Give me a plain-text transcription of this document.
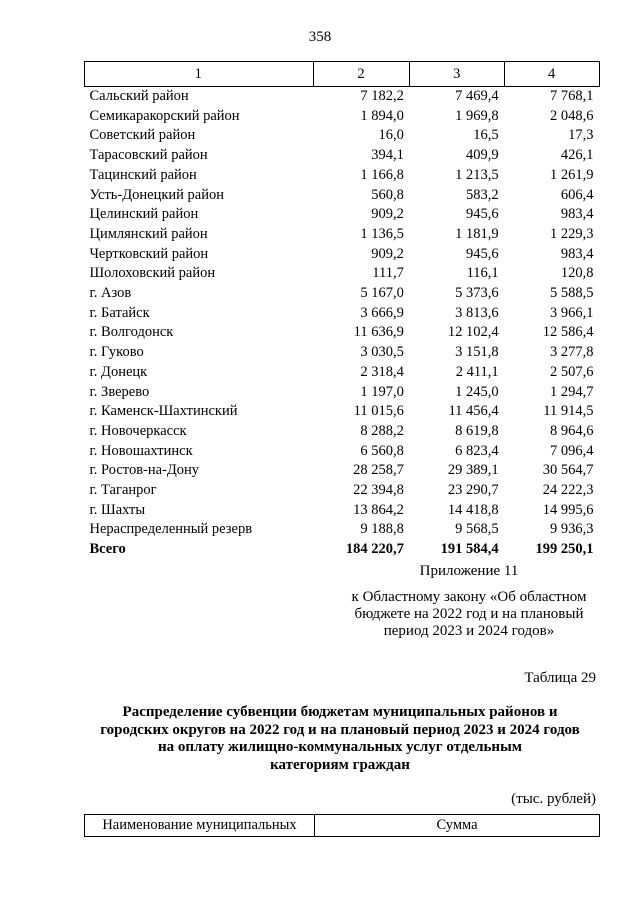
358
1	2	3	4
Сальский район	7 182,2	7 469,4	7 768,1
Семикаракорский район	1 894,0	1 969,8	2 048,6
Советский район	16,0	16,5	17,3
Тарасовский район	394,1	409,9	426,1
Тацинский район	1 166,8	1 213,5	1 261,9
Усть-Донецкий район	560,8	583,2	606,4
Целинский район	909,2	945,6	983,4
Цимлянский район	1 136,5	1 181,9	1 229,3
Чертковский район	909,2	945,6	983,4
Шолоховский район	111,7	116,1	120,8
г. Азов	5 167,0	5 373,6	5 588,5
г. Батайск	3 666,9	3 813,6	3 966,1
г. Волгодонск	11 636,9	12 102,4	12 586,4
г. Гуково	3 030,5	3 151,8	3 277,8
г. Донецк	2 318,4	2 411,1	2 507,6
г. Зверево	1 197,0	1 245,0	1 294,7
г. Каменск-Шахтинский	11 015,6	11 456,4	11 914,5
г. Новочеркасск	8 288,2	8 619,8	8 964,6
г. Новошахтинск	6 560,8	6 823,4	7 096,4
г. Ростов-на-Дону	28 258,7	29 389,1	30 564,7
г. Таганрог	22 394,8	23 290,7	24 222,3
г. Шахты	13 864,2	14 418,8	14 995,6
Нераспределенный резерв	9 188,8	9 568,5	9 936,3
Всего	184 220,7	191 584,4	199 250,1
Приложение 11
к Областному закону «Об областном
бюджете на 2022 год и на плановый
период 2023 и 2024 годов»
Таблица 29
Распределение субвенции бюджетам муниципальных районов и
городских округов на 2022 год и на плановый период 2023 и 2024 годов
на оплату жилищно-коммунальных услуг отдельным
категориям граждан
(тыс. рублей)
Наименование муниципальных	Сумма
